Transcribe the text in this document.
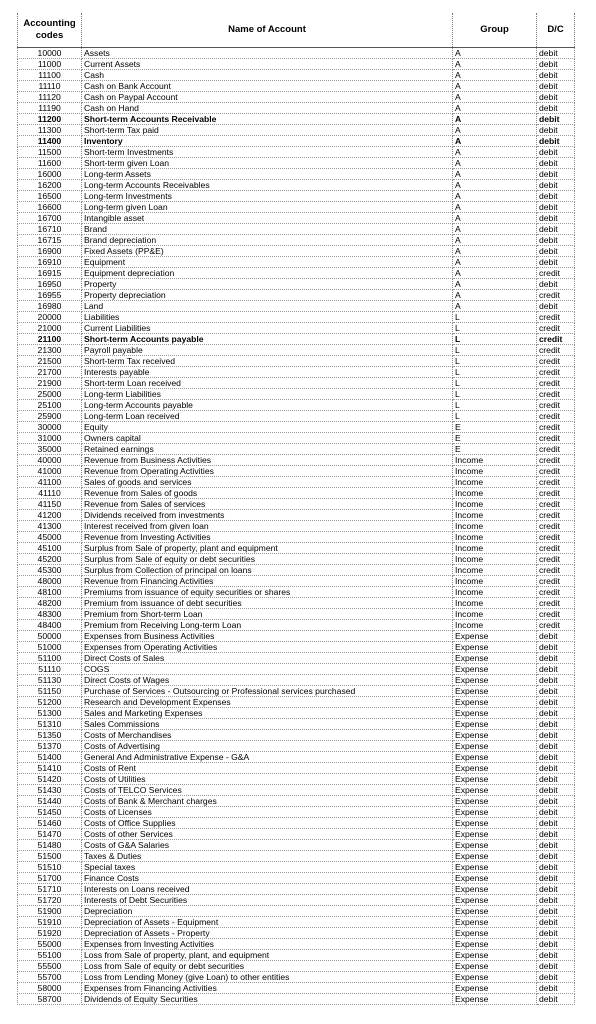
Accounting codes	Name of Account	Group	D/C
10000	Assets	A	debit
11000	Current Assets	A	debit
11100	Cash	A	debit
11110	Cash on Bank Account	A	debit
11120	Cash on Paypal Account	A	debit
11190	Cash on Hand	A	debit
11200	Short-term Accounts Receivable	A	debit
11300	Short-term Tax paid	A	debit
11400	Inventory	A	debit
11500	Short-term Investments	A	debit
11600	Short-term given Loan	A	debit
16000	Long-term Assets	A	debit
16200	Long-term Accounts Receivables	A	debit
16500	Long-term Investments	A	debit
16600	Long-term given Loan	A	debit
16700	Intangible asset	A	debit
16710	Brand	A	debit
16715	Brand depreciation	A	debit
16900	Fixed Assets (PP&E)	A	debit
16910	Equipment	A	debit
16915	Equipment depreciation	A	credit
16950	Property	A	debit
16955	Property depreciation	A	credit
16980	Land	A	debit
20000	Liabilities	L	credit
21000	Current Liabilities	L	credit
21100	Short-term Accounts payable	L	credit
21300	Payroll payable	L	credit
21500	Short-term Tax received	L	credit
21700	Interests payable	L	credit
21900	Short-term Loan received	L	credit
25000	Long-term Liabilities	L	credit
25100	Long-term Accounts payable	L	credit
25900	Long-term Loan received	L	credit
30000	Equity	E	credit
31000	Owners capital	E	credit
35000	Retained earnings	E	credit
40000	Revenue from Business Activities	Income	credit
41000	Revenue from Operating Activities	Income	credit
41100	Sales of goods and services	Income	credit
41110	Revenue from Sales of goods	Income	credit
41150	Revenue from Sales of services	Income	credit
41200	Dividends received from investments	Income	credit
41300	Interest received from given loan	Income	credit
45000	Revenue from Investing Activities	Income	credit
45100	Surplus from Sale of property, plant and equipment	Income	credit
45200	Surplus from Sale of equity or debt securities	Income	credit
45300	Surplus from Collection of principal on loans	Income	credit
48000	Revenue from Financing Activities	Income	credit
48100	Premiums from issuance of equity securities or shares	Income	credit
48200	Premium from issuance of debt securities	Income	credit
48300	Premium from Short-term Loan	Income	credit
48400	Premium from Receiving Long-term Loan	Income	credit
50000	Expenses from Business Activities	Expense	debit
51000	Expenses from Operating Activities	Expense	debit
51100	Direct Costs of Sales	Expense	debit
51110	COGS	Expense	debit
51130	Direct Costs of Wages	Expense	debit
51150	Purchase of Services - Outsourcing or Professional services purchased	Expense	debit
51200	Research and Development Expenses	Expense	debit
51300	Sales and Marketing Expenses	Expense	debit
51310	Sales Commissions	Expense	debit
51350	Costs of Merchandises	Expense	debit
51370	Costs of Advertising	Expense	debit
51400	General And Administrative Expense - G&A	Expense	debit
51410	Costs of Rent	Expense	debit
51420	Costs of Utilities	Expense	debit
51430	Costs of TELCO Services	Expense	debit
51440	Costs of Bank & Merchant charges	Expense	debit
51450	Costs of Licenses	Expense	debit
51460	Costs of Office Supplies	Expense	debit
51470	Costs of other Services	Expense	debit
51480	Costs of G&A Salaries	Expense	debit
51500	Taxes & Duties	Expense	debit
51510	Special taxes	Expense	debit
51700	Finance Costs	Expense	debit
51710	Interests on Loans received	Expense	debit
51720	Interests of Debt Securities	Expense	debit
51900	Depreciation	Expense	debit
51910	Depreciation of Assets - Equipment	Expense	debit
51920	Depreciation of Assets - Property	Expense	debit
55000	Expenses from Investing Activities	Expense	debit
55100	Loss from Sale of property, plant, and equipment	Expense	debit
55500	Loss from Sale of equity or debt securities	Expense	debit
55700	Loss from Lending Money (give Loan) to other entities	Expense	debit
58000	Expenses from Financing Activities	Expense	debit
58700	Dividends of Equity Securities	Expense	debit
